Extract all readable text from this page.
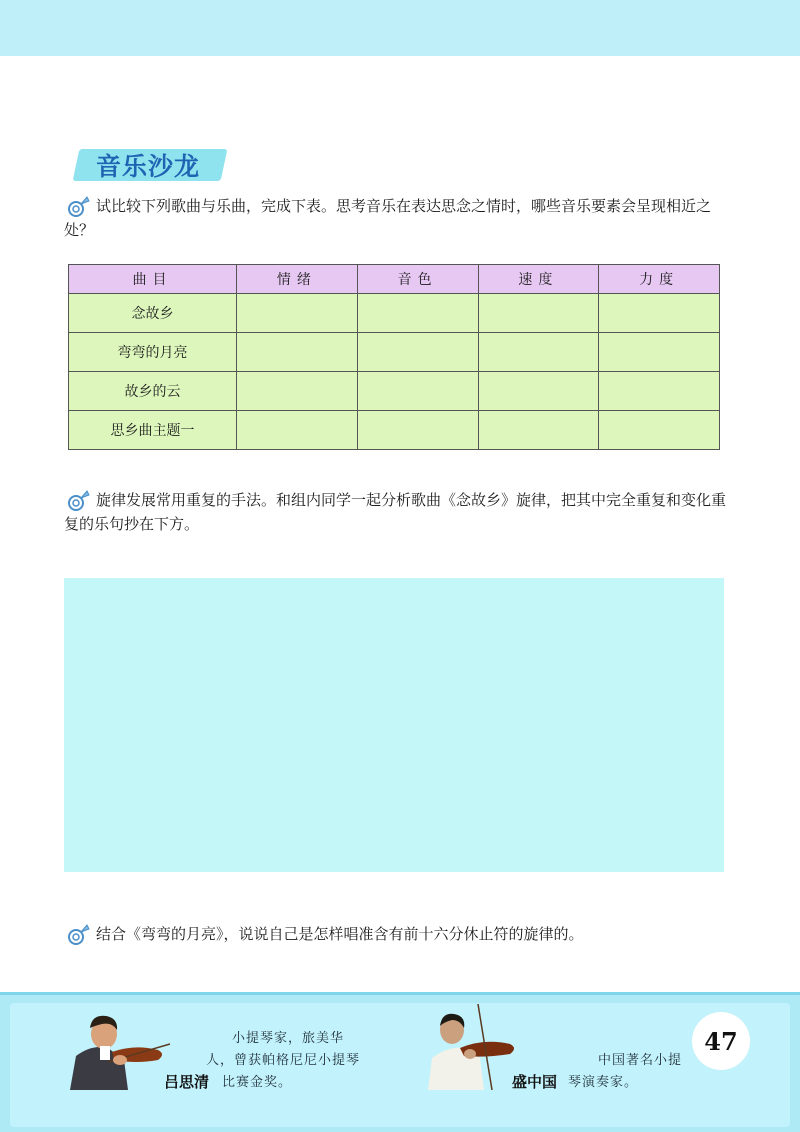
音乐沙龙
试比较下列歌曲与乐曲，完成下表。思考音乐在表达思念之情时，哪些音乐要素会呈现相近之处？
曲目	情绪	音色	速度	力度
念故乡				
弯弯的月亮				
故乡的云				
思乡曲主题一				
旋律发展常用重复的手法。和组内同学一起分析歌曲《念故乡》旋律，把其中完全重复和变化重复的乐句抄在下方。
结合《弯弯的月亮》，说说自己是怎样唱准含有前十六分休止符的旋律的。
吕思清
小提琴家，旅美华
人，曾获帕格尼尼小提琴
比赛金奖。	盛中国
中国著名小提
琴演奏家。
47
